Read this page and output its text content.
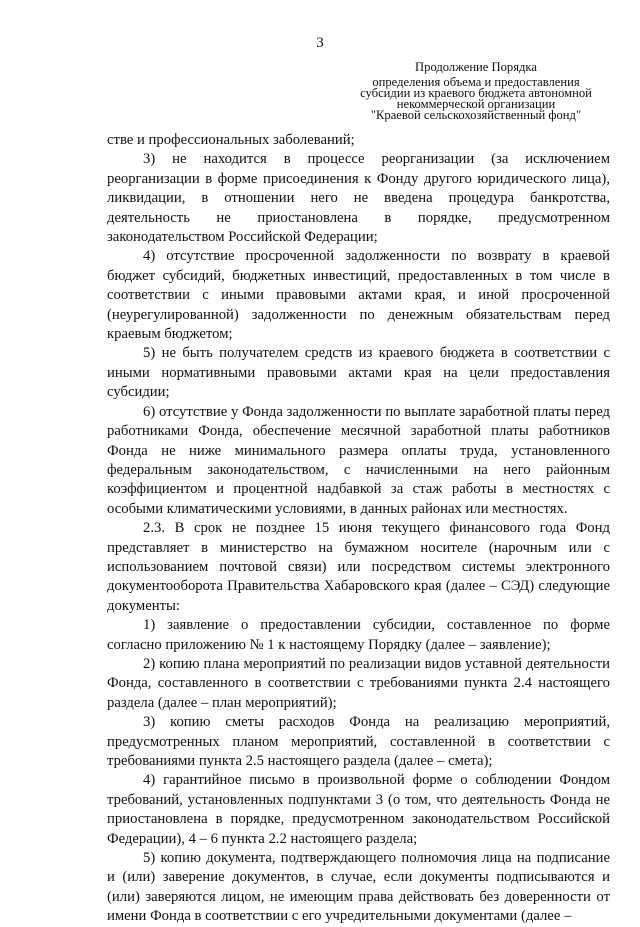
3
Продолжение Порядка
определения объема и предоставления
субсидии из краевого бюджета автономной
некоммерческой организации
"Краевой сельскохозяйственный фонд"

стве и профессиональных заболеваний;

3) не находится в процессе реорганизации (за исключением реорганизации в форме присоединения к Фонду другого юридического лица), ликвидации, в отношении него не введена процедура банкротства, деятельность не приостановлена в порядке, предусмотренном законодательством Российской Федерации;

4) отсутствие просроченной задолженности по возврату в краевой бюджет субсидий, бюджетных инвестиций, предоставленных в том числе в соответствии с иными правовыми актами края, и иной просроченной (неурегулированной) задолженности по денежным обязательствам перед краевым бюджетом;

5) не быть получателем средств из краевого бюджета в соответствии с иными нормативными правовыми актами края на цели предоставления субсидии;

6) отсутствие у Фонда задолженности по выплате заработной платы перед работниками Фонда, обеспечение месячной заработной платы работников Фонда не ниже минимального размера оплаты труда, установленного федеральным законодательством, с начисленными на него районным коэффициентом и процентной надбавкой за стаж работы в местностях с особыми климатическими условиями, в данных районах или местностях.

2.3. В срок не позднее 15 июня текущего финансового года Фонд представляет в министерство на бумажном носителе (нарочным или с использованием почтовой связи) или посредством системы электронного документооборота Правительства Хабаровского края (далее – СЭД) следующие документы:

1) заявление о предоставлении субсидии, составленное по форме согласно приложению № 1 к настоящему Порядку (далее – заявление);

2) копию плана мероприятий по реализации видов уставной деятельности Фонда, составленного в соответствии с требованиями пункта 2.4 настоящего раздела (далее – план мероприятий);

3) копию сметы расходов Фонда на реализацию мероприятий, предусмотренных планом мероприятий, составленной в соответствии с требованиями пункта 2.5 настоящего раздела (далее – смета);

4) гарантийное письмо в произвольной форме о соблюдении Фондом требований, установленных подпунктами 3 (о том, что деятельность Фонда не приостановлена в порядке, предусмотренном законодательством Российской Федерации), 4 – 6 пункта 2.2 настоящего раздела;

5) копию документа, подтверждающего полномочия лица на подписание и (или) заверение документов, в случае, если документы подписываются и (или) заверяются лицом, не имеющим права действовать без доверенности от имени Фонда в соответствии с его учредительными документами (далее –
